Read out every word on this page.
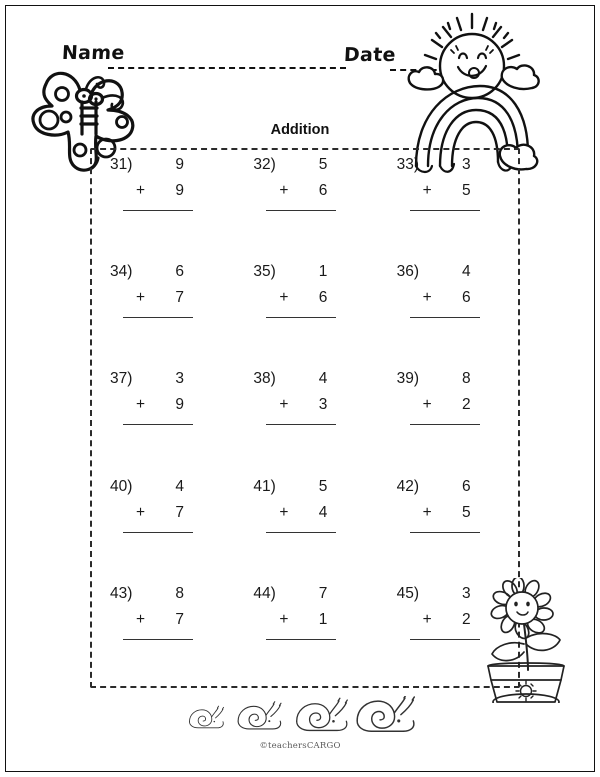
Name	Date
Addition
31)	9
+	9
32)	5
+	6
33)	3
+	5
34)	6
+	7
35)	1
+	6
36)	4
+	6
37)	3
+	9
38)	4
+	3
39)	8
+	2
40)	4
+	7
41)	5
+	4
42)	6
+	5
43)	8
+	7
44)	7
+	1
45)	3
+	2
©teachersCARGO
